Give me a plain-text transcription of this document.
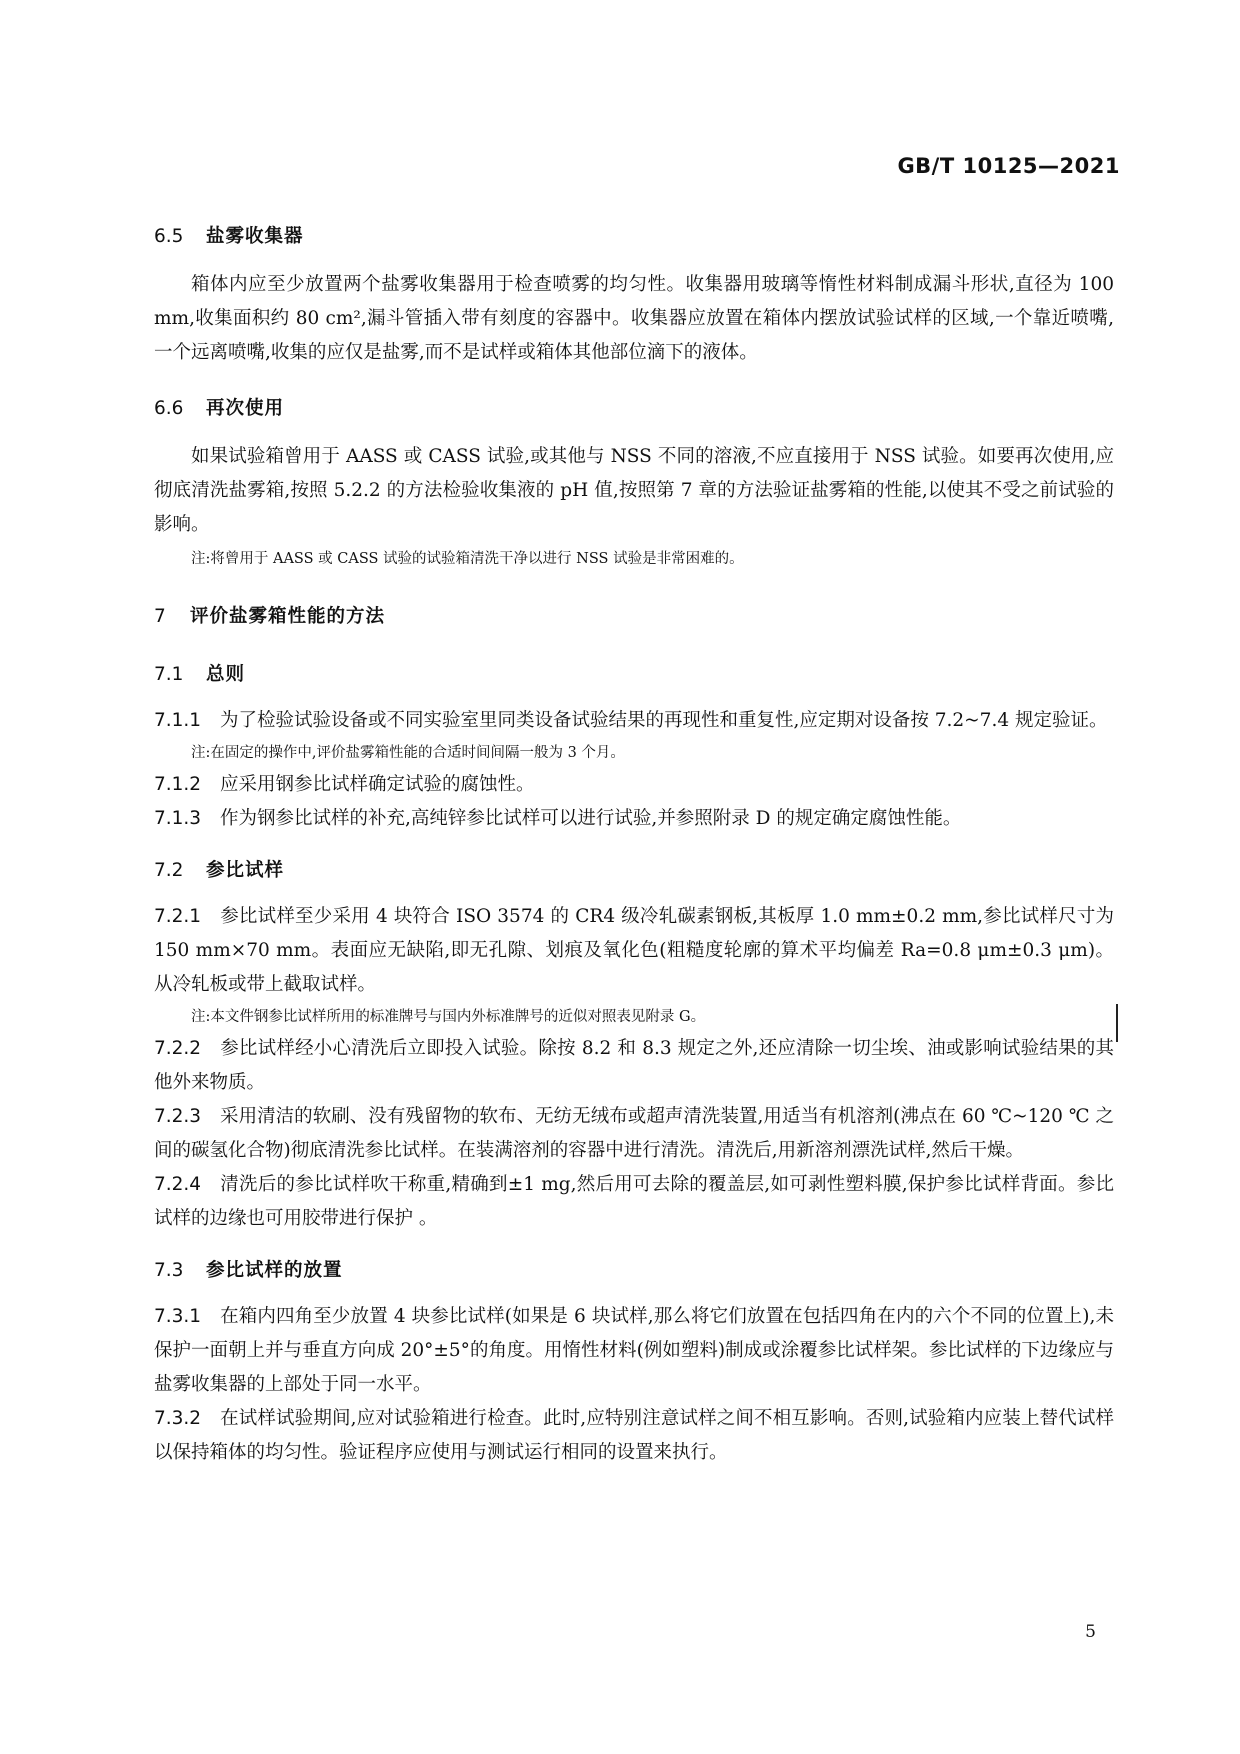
GB/T 10125—2021
6.5	盐雾收集器
箱体内应至少放置两个盐雾收集器用于检查喷雾的均匀性。收集器用玻璃等惰性材料制成漏斗形状,直径为 100 mm,收集面积约 80 cm²,漏斗管插入带有刻度的容器中。收集器应放置在箱体内摆放试验试样的区域,一个靠近喷嘴,一个远离喷嘴,收集的应仅是盐雾,而不是试样或箱体其他部位滴下的液体。
6.6	再次使用
如果试验箱曾用于 AASS 或 CASS 试验,或其他与 NSS 不同的溶液,不应直接用于 NSS 试验。如要再次使用,应彻底清洗盐雾箱,按照 5.2.2 的方法检验收集液的 pH 值,按照第 7 章的方法验证盐雾箱的性能,以使其不受之前试验的影响。
注:将曾用于 AASS 或 CASS 试验的试验箱清洗干净以进行 NSS 试验是非常困难的。
7	评价盐雾箱性能的方法
7.1	总则
7.1.1 为了检验试验设备或不同实验室里同类设备试验结果的再现性和重复性,应定期对设备按 7.2~7.4 规定验证。
注:在固定的操作中,评价盐雾箱性能的合适时间间隔一般为 3 个月。
7.1.2 应采用钢参比试样确定试验的腐蚀性。
7.1.3 作为钢参比试样的补充,高纯锌参比试样可以进行试验,并参照附录 D 的规定确定腐蚀性能。
7.2	参比试样
7.2.1 参比试样至少采用 4 块符合 ISO 3574 的 CR4 级冷轧碳素钢板,其板厚 1.0 mm±0.2 mm,参比试样尺寸为 150 mm×70 mm。表面应无缺陷,即无孔隙、划痕及氧化色(粗糙度轮廓的算术平均偏差 Ra=0.8 μm±0.3 μm)。从冷轧板或带上截取试样。
注:本文件钢参比试样所用的标准牌号与国内外标准牌号的近似对照表见附录 G。
7.2.2 参比试样经小心清洗后立即投入试验。除按 8.2 和 8.3 规定之外,还应清除一切尘埃、油或影响试验结果的其他外来物质。
7.2.3 采用清洁的软刷、没有残留物的软布、无纺无绒布或超声清洗装置,用适当有机溶剂(沸点在 60 ℃~120 ℃ 之间的碳氢化合物)彻底清洗参比试样。在装满溶剂的容器中进行清洗。清洗后,用新溶剂漂洗试样,然后干燥。
7.2.4 清洗后的参比试样吹干称重,精确到±1 mg,然后用可去除的覆盖层,如可剥性塑料膜,保护参比试样背面。参比试样的边缘也可用胶带进行保护 。
7.3	参比试样的放置
7.3.1 在箱内四角至少放置 4 块参比试样(如果是 6 块试样,那么将它们放置在包括四角在内的六个不同的位置上),未保护一面朝上并与垂直方向成 20°±5°的角度。用惰性材料(例如塑料)制成或涂覆参比试样架。参比试样的下边缘应与盐雾收集器的上部处于同一水平。
7.3.2 在试样试验期间,应对试验箱进行检查。此时,应特别注意试样之间不相互影响。否则,试验箱内应装上替代试样以保持箱体的均匀性。验证程序应使用与测试运行相同的设置来执行。
5
